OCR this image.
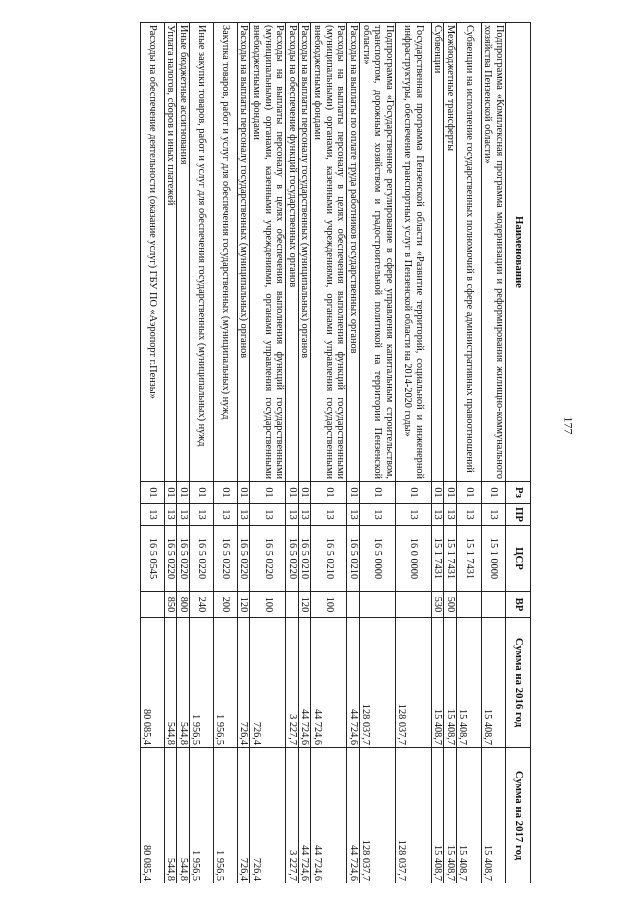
177
Наименование	Рз	ПР	ЦСР	ВР	Сумма на 2016 год	Сумма на 2017 год
Подпрограмма «Комплексная программа модернизации и реформирования жилищно-коммунального хозяйства Пензенской области»	01	13	15 1 0000		15 408,7	15 408,7
Субвенции на исполнение государственных полномочий в сфере административных правоотношений	01	13	15 1 7431		15 408,7	15 408,7
Межбюджетные трансферты	01	13	15 1 7431	500	15 408,7	15 408,7
Субвенции	01	13	15 1 7431	530	15 408,7	15 408,7
Государственная программа Пензенской области «Развитие территорий, социальной и инженерной инфраструктуры, обеспечение транспортных услуг в Пензенской области на 2014-2020 годы»	01	13	16 0 0000		128 037,7	128 037,7
Подпрограмма «Государственное регулирование в сфере управления капитальным строительством, транспортом, дорожным хозяйством и градостроительной политикой на территории Пензенской области»	01	13	16 5 0000		128 037,7	128 037,7
Расходы на выплаты по оплате труда работников государственных органов	01	13	16 5 0210		44 724,6	44 724,6
Расходы на выплаты персоналу в целях обеспечения выполнения функций государственными (муниципальными) органами, казенными учреждениями, органами управления государственными внебюджетными фондами	01	13	16 5 0210	100	44 724,6	44 724,6
Расходы на выплаты персоналу государственных (муниципальных) органов	01	13	16 5 0210	120	44 724,6	44 724,6
Расходы на обеспечение функций государственных органов	01	13	16 5 0220		3 227,7	3 227,7
Расходы на выплаты персоналу в целях обеспечения выполнения функций государственными (муниципальными) органами, казенными учреждениями, органами управления государственными внебюджетными фондами	01	13	16 5 0220	100	726,4	726,4
Расходы на выплаты персоналу государственных (муниципальных) органов	01	13	16 5 0220	120	726,4	726,4
Закупка товаров, работ и услуг для обеспечения государственных (муниципальных) нужд	01	13	16 5 0220	200	1 956,5	1 956,5
Иные закупки товаров, работ и услуг для обеспечения государственных (муниципальных) нужд	01	13	16 5 0220	240	1 956,5	1 956,5
Иные бюджетные ассигнования	01	13	16 5 0220	800	544,8	544,8
Уплата налогов, сборов и иных платежей	01	13	16 5 0220	850	544,8	544,8
Расходы на обеспечение деятельности (оказание услуг) ГБУ ПО «Аэропорт г.Пензы»	01	13	16 5 0545		80 085,4	80 085,4
